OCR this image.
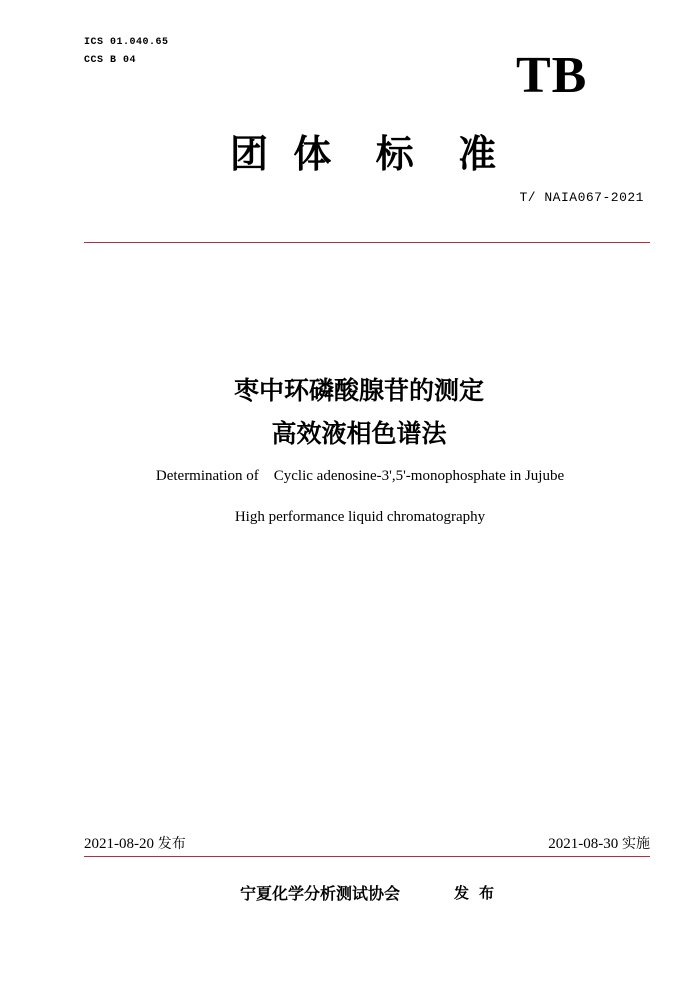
ICS 01.040.65
CCS B 04	TB
团 体  标  准
T/ NAIA067-2021
枣中环磷酸腺苷的测定
高效液相色谱法
Determination of    Cyclic adenosine-3',5'-monophosphate in Jujube
High performance liquid chromatography
2021-08-20 发布	2021-08-30 实施
宁夏化学分析测试协会	发布
